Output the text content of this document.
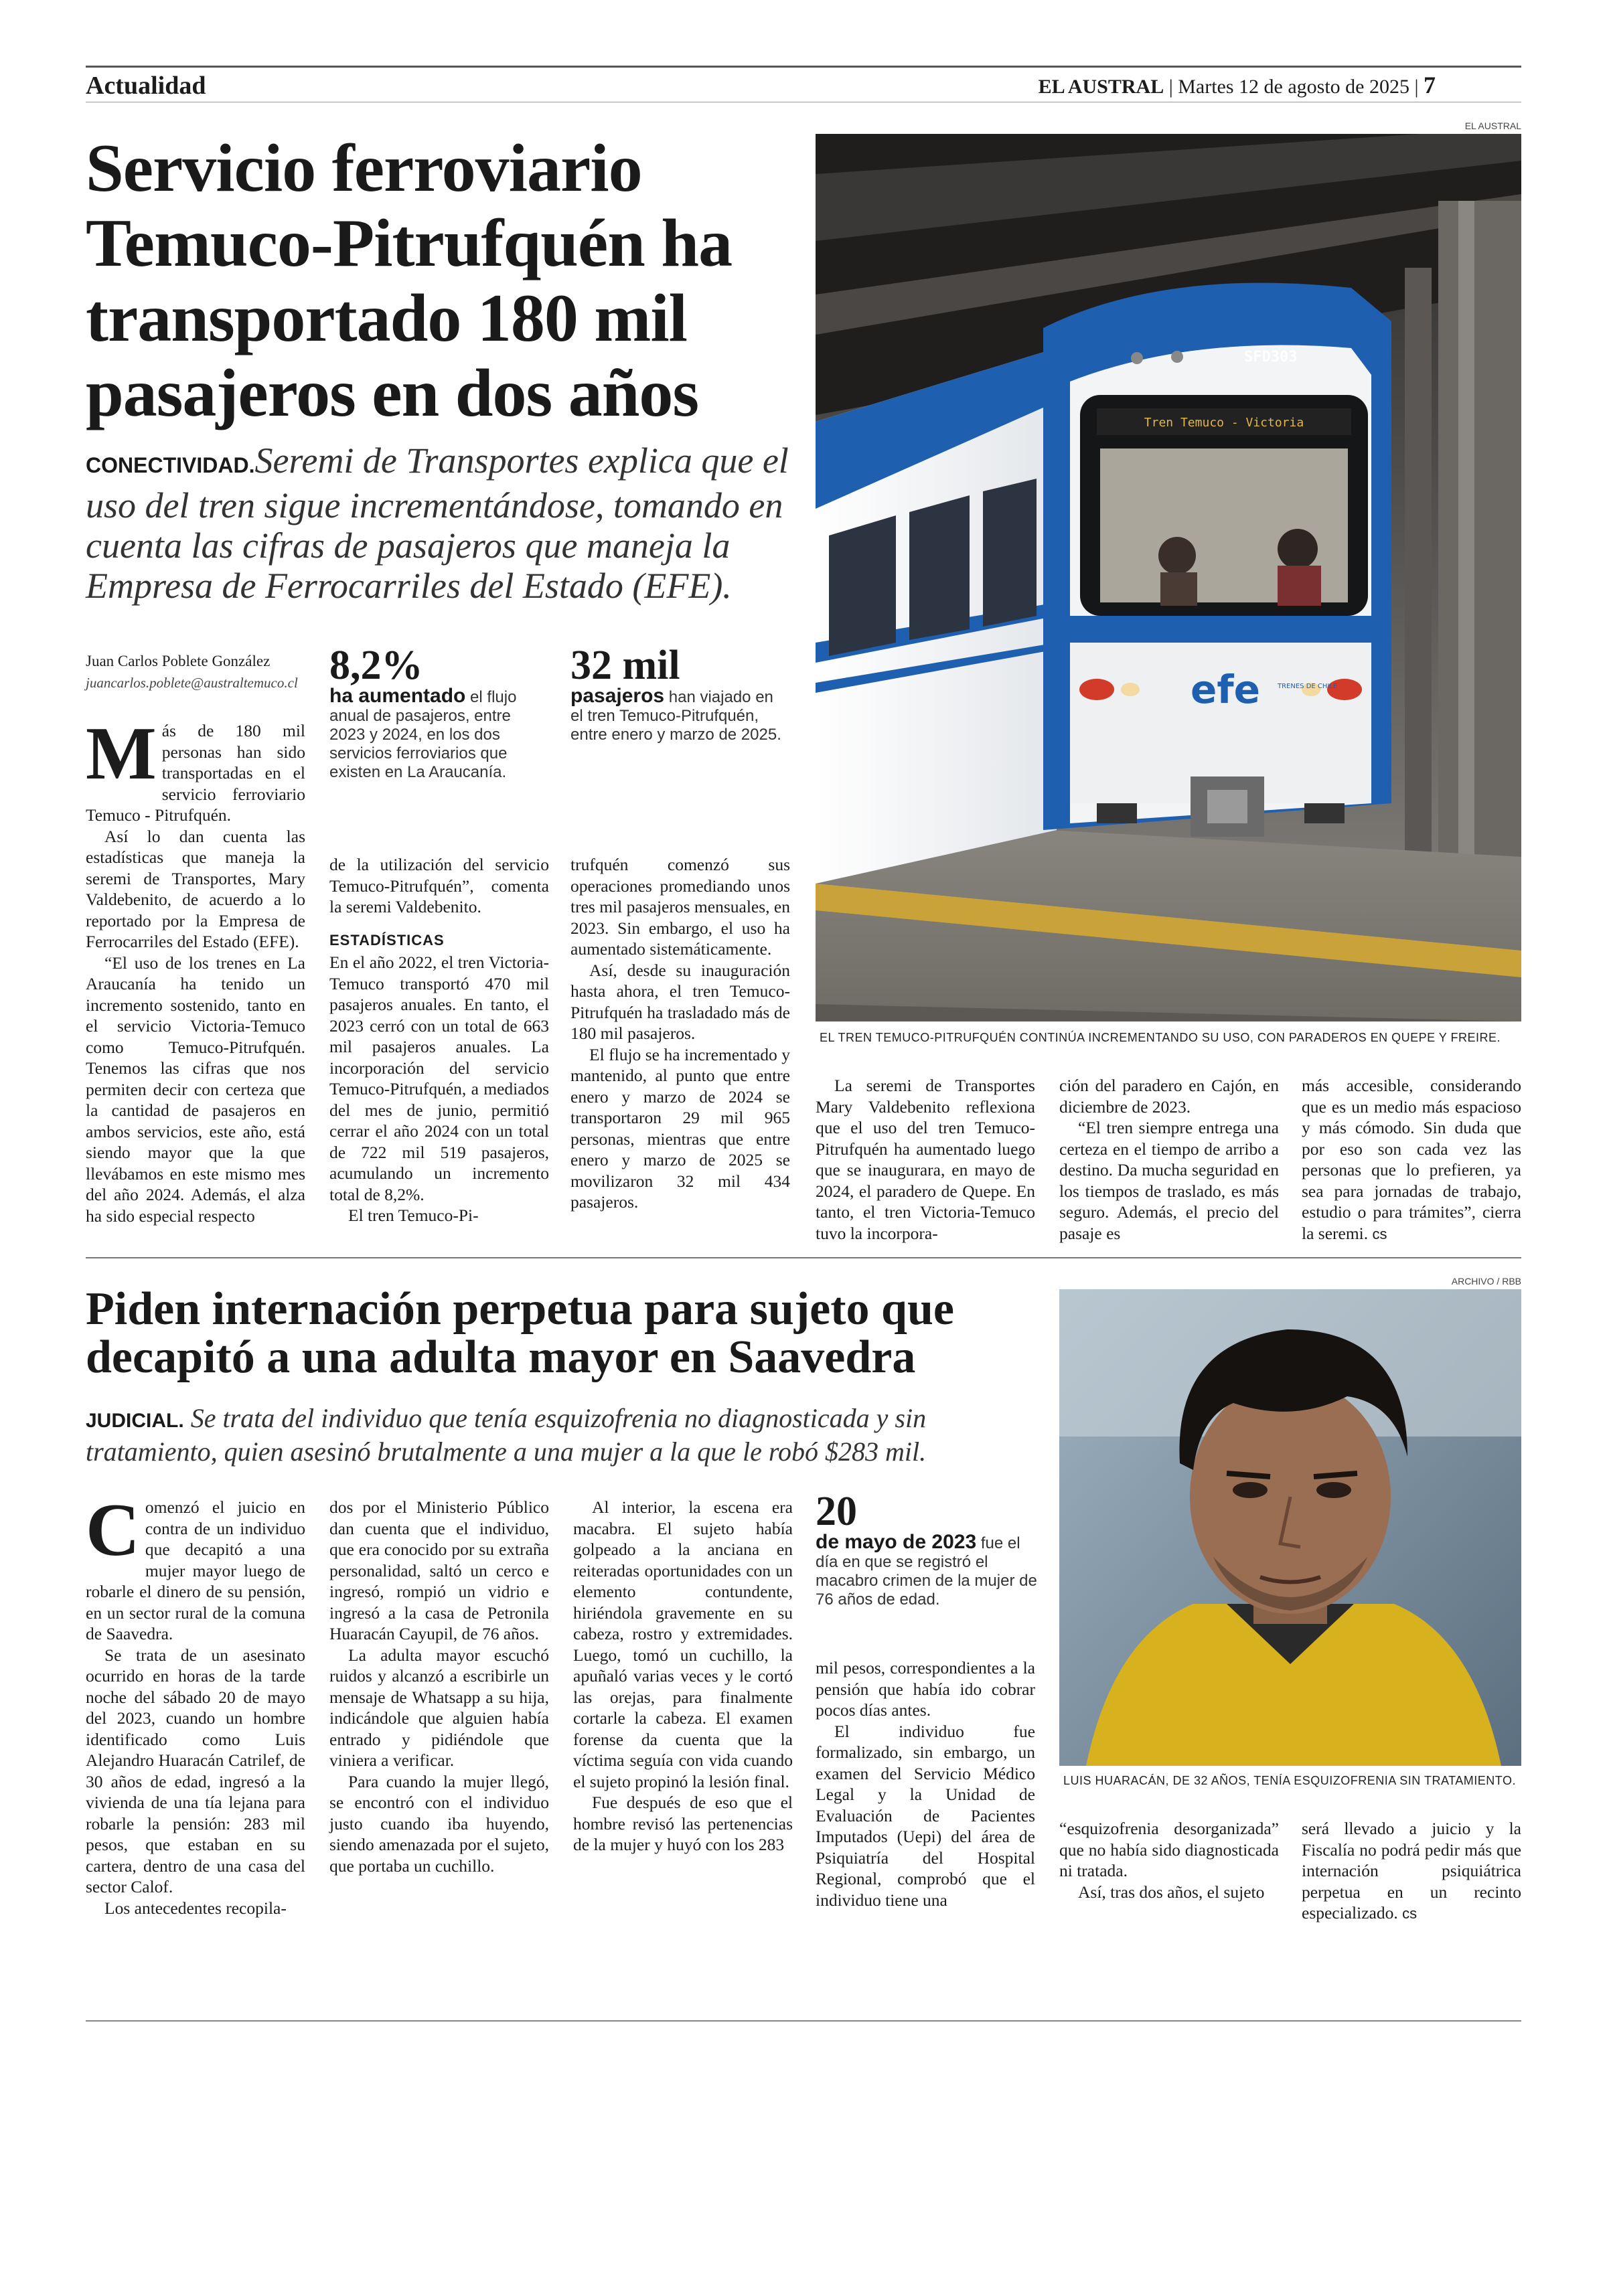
Actualidad	EL AUSTRAL | Martes 12 de agosto de 2025 | 7
Servicio ferroviario Temuco-Pitrufquén ha transportado 180 mil pasajeros en dos años
CONECTIVIDAD.Seremi de Transportes explica que el uso del tren sigue incrementándose, tomando en cuenta las cifras de pasajeros que maneja la Empresa de Ferrocarriles del Estado (EFE).
Juan Carlos Poblete González
juancarlos.poblete@australtemuco.cl 8,2%
ha aumentado el flujo anual de pasajeros, entre 2023 y 2024, en los dos servicios ferroviarios que existen en La Araucanía.
32 mil
pasajeros han viajado en el tren Temuco-Pitrufquén, entre enero y marzo de 2025.
M ás de 180 mil personas han sido transportadas en el servicio ferroviario Temuco - Pitrufquén.

Así lo dan cuenta las estadísticas que maneja la seremi de Transportes, Mary Valdebenito, de acuerdo a lo reportado por la Empresa de Ferrocarriles del Estado (EFE).

“El uso de los trenes en La Araucanía ha tenido un incremento sostenido, tanto en el servicio Victoria-Temuco como Temuco-Pitrufquén. Tenemos las cifras que nos permiten decir con certeza que la cantidad de pasajeros en ambos servicios, este año, está siendo mayor que la que llevábamos en este mismo mes del año 2024. Además, el alza ha sido especial respecto

de la utilización del servicio Temuco-Pitrufquén”, comenta la seremi Valdebenito.

ESTADÍSTICAS

En el año 2022, el tren Victoria-Temuco transportó 470 mil pasajeros anuales. En tanto, el 2023 cerró con un total de 663 mil pasajeros anuales. La incorporación del servicio Temuco-Pitrufquén, a mediados del mes de junio, permitió cerrar el año 2024 con un total de 722 mil 519 pasajeros, acumulando un incremento total de 8,2%.

El tren Temuco-Pi-

trufquén comenzó sus operaciones promediando unos tres mil pasajeros mensuales, en 2023. Sin embargo, el uso ha aumentado sistemáticamente.

Así, desde su inauguración hasta ahora, el tren Temuco-Pitrufquén ha trasladado más de 180 mil pasajeros.

El flujo se ha incrementado y mantenido, al punto que entre enero y marzo de 2024 se transportaron 29 mil 965 personas, mientras que entre enero y marzo de 2025 se movilizaron 32 mil 434 pasajeros.

EL AUSTRAL
Tren Temuco - Victoria
SFD303
efe	TRENES DE CHILE
EL TREN TEMUCO-PITRUFQUÉN CONTINÚA INCREMENTANDO SU USO, CON PARADEROS EN QUEPE Y FREIRE.

La seremi de Transportes Mary Valdebenito reflexiona que el uso del tren Temuco-Pitrufquén ha aumentado luego que se inaugurara, en mayo de 2024, el paradero de Quepe. En tanto, el tren Victoria-Temuco tuvo la incorpora-

ción del paradero en Cajón, en diciembre de 2023.

“El tren siempre entrega una certeza en el tiempo de arribo a destino. Da mucha seguridad en los tiempos de traslado, es más seguro. Además, el precio del pasaje es

más accesible, considerando que es un medio más espacioso y más cómodo. Sin duda que por eso son cada vez las personas que lo prefieren, ya sea para jornadas de trabajo, estudio o para trámites”, cierra la seremi. cs

Piden internación perpetua para sujeto que decapitó a una adulta mayor en Saavedra
JUDICIAL. Se trata del individuo que tenía esquizofrenia no diagnosticada y sin tratamiento, quien asesinó brutalmente a una mujer a la que le robó $283 mil.
C omenzó el juicio en contra de un individuo que decapitó a una mujer mayor luego de robarle el dinero de su pensión, en un sector rural de la comuna de Saavedra.

Se trata de un asesinato ocurrido en horas de la tarde noche del sábado 20 de mayo del 2023, cuando un hombre identificado como Luis Alejandro Huaracán Catrilef, de 30 años de edad, ingresó a la vivienda de una tía lejana para robarle la pensión: 283 mil pesos, que estaban en su cartera, dentro de una casa del sector Calof.

Los antecedentes recopila-

dos por el Ministerio Público dan cuenta que el individuo, que era conocido por su extraña personalidad, saltó un cerco e ingresó, rompió un vidrio e ingresó a la casa de Petronila Huaracán Cayupil, de 76 años.

La adulta mayor escuchó ruidos y alcanzó a escribirle un mensaje de Whatsapp a su hija, indicándole que alguien había entrado y pidiéndole que viniera a verificar.

Para cuando la mujer llegó, se encontró con el individuo justo cuando iba huyendo, siendo amenazada por el sujeto, que portaba un cuchillo.

Al interior, la escena era macabra. El sujeto había golpeado a la anciana en reiteradas oportunidades con un elemento contundente, hiriéndola gravemente en su cabeza, rostro y extremidades. Luego, tomó un cuchillo, la apuñaló varias veces y le cortó las orejas, para finalmente cortarle la cabeza. El examen forense da cuenta que la víctima seguía con vida cuando el sujeto propinó la lesión final.

Fue después de eso que el hombre revisó las pertenencias de la mujer y huyó con los 283

20
de mayo de 2023 fue el día en que se registró el macabro crimen de la mujer de 76 años de edad.

mil pesos, correspondientes a la pensión que había ido cobrar pocos días antes.

El individuo fue formalizado, sin embargo, un examen del Servicio Médico Legal y la Unidad de Evaluación de Pacientes Imputados (Uepi) del área de Psiquiatría del Hospital Regional, comprobó que el individuo tiene una

ARCHIVO / RBB
LUIS HUARACÁN, DE 32 AÑOS, TENÍA ESQUIZOFRENIA SIN TRATAMIENTO.

“esquizofrenia desorganizada” que no había sido diagnosticada ni tratada.

Así, tras dos años, el sujeto

será llevado a juicio y la Fiscalía no podrá pedir más que internación psiquiátrica perpetua en un recinto especializado. cs
